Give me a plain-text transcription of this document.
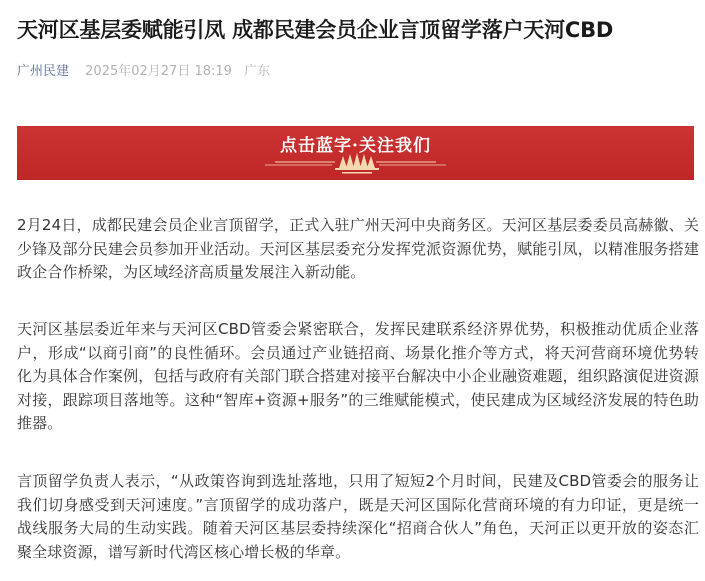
天河区基层委赋能引凤 成都民建会员企业言顶留学落户天河CBD
广州民建 2025年02月27日 18:19 广东
点击蓝字·关注我们

2月24日，成都民建会员企业言顶留学，正式入驻广州天河中央商务区。天河区基层委委员高赫徽、关少锋及部分民建会员参加开业活动。天河区基层委充分发挥党派资源优势，赋能引凤，以精准服务搭建政企合作桥梁，为区域经济高质量发展注入新动能。

天河区基层委近年来与天河区CBD管委会紧密联合，发挥民建联系经济界优势，积极推动优质企业落户，形成“以商引商”的良性循环。会员通过产业链招商、场景化推介等方式，将天河营商环境优势转化为具体合作案例，包括与政府有关部门联合搭建对接平台解决中小企业融资难题，组织路演促进资源对接，跟踪项目落地等。这种“智库+资源+服务”的三维赋能模式，使民建成为区域经济发展的特色助推器。

言顶留学负责人表示，“从政策咨询到选址落地，只用了短短2个月时间，民建及CBD管委会的服务让我们切身感受到天河速度。”言顶留学的成功落户，既是天河区国际化营商环境的有力印证，更是统一战线服务大局的生动实践。随着天河区基层委持续深化“招商合伙人”角色，天河正以更开放的姿态汇聚全球资源，谱写新时代湾区核心增长极的华章。
